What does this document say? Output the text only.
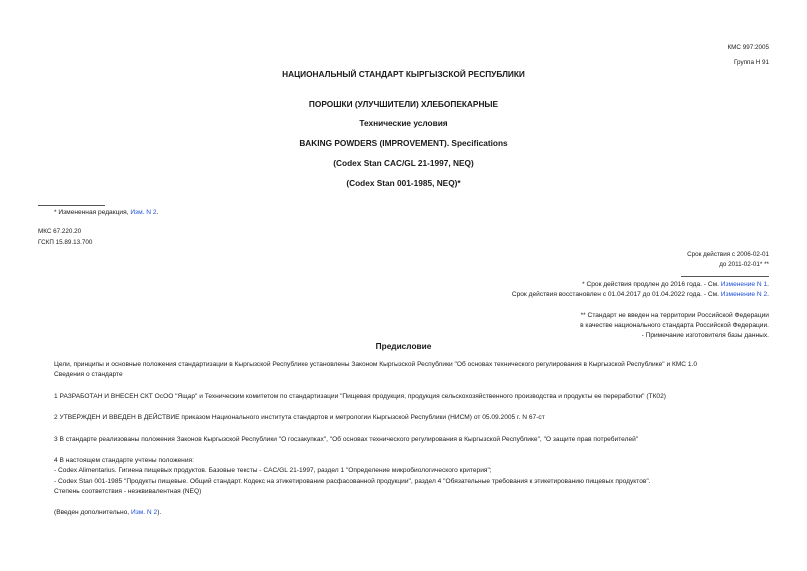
КМС 997:2005
Группа Н 91
НАЦИОНАЛЬНЫЙ СТАНДАРТ КЫРГЫЗСКОЙ РЕСПУБЛИКИ
ПОРОШКИ (УЛУЧШИТЕЛИ) ХЛЕБОПЕКАРНЫЕ
Технические условия
BAKING POWDERS (IMPROVEMENT). Specifications
(Codex Stan CAC/GL 21-1997, NEQ)
(Codex Stan 001-1985, NEQ)*
* Измененная редакция, Изм. N 2.
МКС 67.220.20
ГСКП 15.89.13.700
Срок действия с 2006-02-01
до 2011-02-01* **
* Срок действия продлен до 2016 года. - См. Изменение N 1.
Срок действия восстановлен с 01.04.2017 до 01.04.2022 года. - См. Изменение N 2.
** Стандарт не введен на территории Российской Федерации
в качестве национального стандарта Российской Федерации.
- Примечание изготовителя базы данных.
Предисловие
Цели, принципы и основные положения стандартизации в Кыргызской Республике установлены Законом Кыргызской Республики "Об основах технического регулирования в Кыргызской Республике" и КМС 1.0
Сведения о стандарте
1 РАЗРАБОТАН И ВНЕСЕН СКТ ОсОО "Ящар" и Техническим комитетом по стандартизации "Пищевая продукция, продукция сельскохозяйственного производства и продукты ее переработки" (ТК02)
2 УТВЕРЖДЕН И ВВЕДЕН В ДЕЙСТВИЕ приказом Национального института стандартов и метрологии Кыргызской Республики (НИСМ) от 05.09.2005 г. N 67-ст
3 В стандарте реализованы положения Законов Кыргызской Республики "О госзакупках", "Об основах технического регулирования в Кыргызской Республике", "О защите прав потребителей"
4 В настоящем стандарте учтены положения:
- Codex Alimentarius. Гигиена пищевых продуктов. Базовые тексты - CAC/GL 21-1997, раздел 1 "Определение микробиологического критерия";
- Codex Stan 001-1985 "Продукты пищевые. Общий стандарт. Кодекс на этикетирование расфасованной продукции", раздел 4 "Обязательные требования к этикетированию пищевых продуктов".
Степень соответствия - неэквивалентная (NEQ)
(Введен дополнительно, Изм. N 2).
